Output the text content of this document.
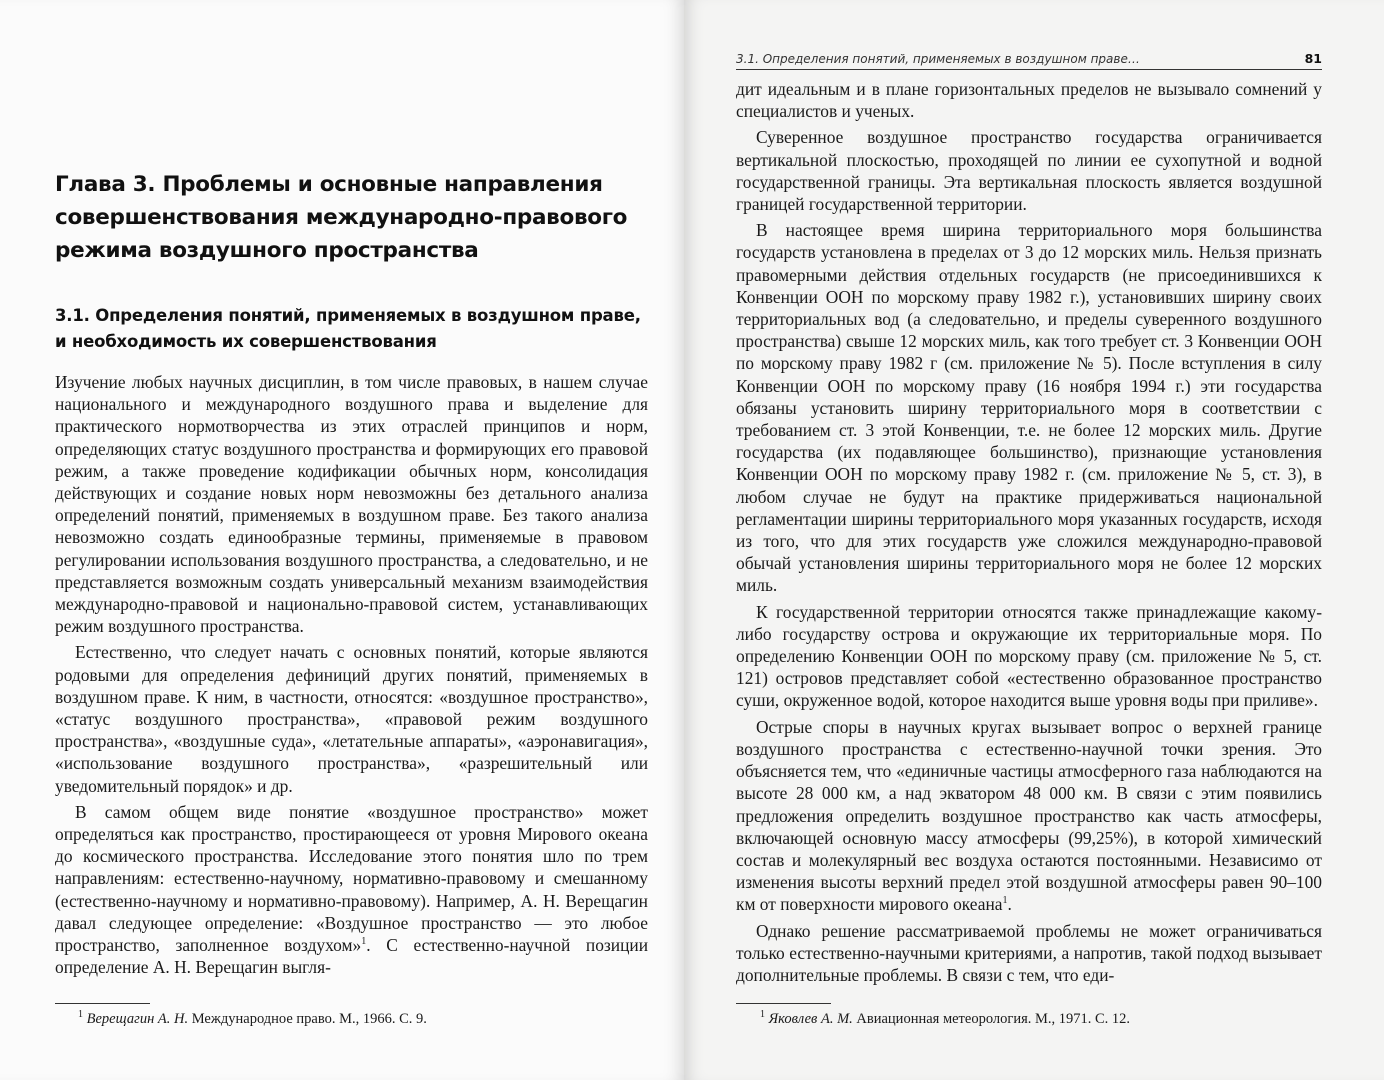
Глава 3. Проблемы и основные направления совершенствования международно-правового режима воздушного пространства
3.1. Определения понятий, применяемых в воздушном праве,
и необходимость их совершенствования

Изучение любых научных дисциплин, в том числе правовых, в нашем случае национального и международного воздушного права и выделение для практического нормотворчества из этих отраслей принципов и норм, определяющих статус воздушного пространства и формирующих его правовой режим, а также проведение кодификации обычных норм, консолидация действующих и создание новых норм невозможны без детального анализа определений понятий, применяемых в воздушном праве. Без такого анализа невозможно создать единообразные термины, применяемые в правовом регулировании использования воздушного пространства, а следовательно, и не представляется возможным создать универсальный механизм взаимодействия международно-правовой и национально-правовой систем, устанавливающих режим воздушного пространства.

Естественно, что следует начать с основных понятий, которые являются родовыми для определения дефиниций других понятий, применяемых в воздушном праве. К ним, в частности, относятся: «воздушное пространство», «статус воздушного пространства», «правовой режим воздушного пространства», «воздушные суда», «летательные аппараты», «аэронавигация», «использование воздушного пространства», «разрешительный или уведомительный порядок» и др.

В самом общем виде понятие «воздушное пространство» может определяться как пространство, простирающееся от уровня Мирового океана до космического пространства. Исследование этого понятия шло по трем направлениям: естественно-научному, нормативно-правовому и смешанному (естественно-научному и нормативно-правовому). Например, А. Н. Верещагин давал следующее определение: «Воздушное пространство — это любое пространство, заполненное воздухом»$^1$. С естественно-научной позиции определение А. Н. Верещагин выгля-

$^1$ Верещагин А. Н. Международное право. М., 1966. С. 9.
3.1. Определения понятий, применяемых в воздушном праве…	81

дит идеальным и в плане горизонтальных пределов не вызывало сомнений у специалистов и ученых.

Суверенное воздушное пространство государства ограничивается вертикальной плоскостью, проходящей по линии ее сухопутной и водной государственной границы. Эта вертикальная плоскость является воздушной границей государственной территории.

В настоящее время ширина территориального моря большинства государств установлена в пределах от 3 до 12 морских миль. Нельзя признать правомерными действия отдельных государств (не присоединившихся к Конвенции ООН по морскому праву 1982 г.), установивших ширину своих территориальных вод (а следовательно, и пределы суверенного воздушного пространства) свыше 12 морских миль, как того требует ст. 3 Конвенции ООН по морскому праву 1982 г (см. приложение № 5). После вступления в силу Конвенции ООН по морскому праву (16 ноября 1994 г.) эти государства обязаны установить ширину территориального моря в соответствии с требованием ст. 3 этой Конвенции, т.е. не более 12 морских миль. Другие государства (их подавляющее большинство), признающие установления Конвенции ООН по морскому праву 1982 г. (см. приложение № 5, ст. 3), в любом случае не будут на практике придерживаться национальной регламентации ширины территориального моря указанных государств, исходя из того, что для этих государств уже сложился международно-правовой обычай установления ширины территориального моря не более 12 морских миль.

К государственной территории относятся также принадлежащие какому-либо государству острова и окружающие их территориальные моря. По определению Конвенции ООН по морскому праву (см. приложение № 5, ст. 121) островов представляет собой «естественно образованное пространство суши, окруженное водой, которое находится выше уровня воды при приливе».

Острые споры в научных кругах вызывает вопрос о верхней границе воздушного пространства с естественно-научной точки зрения. Это объясняется тем, что «единичные частицы атмосферного газа наблюдаются на высоте 28 000 км, а над экватором 48 000 км. В связи с этим появились предложения определить воздушное пространство как часть атмосферы, включающей основную массу атмосферы (99,25%), в которой химический состав и молекулярный вес воздуха остаются постоянными. Независимо от изменения высоты верхний предел этой воздушной атмосферы равен 90–100 км от поверхности мирового океана$^1$.

Однако решение рассматриваемой проблемы не может ограничиваться только естественно-научными критериями, а напротив, такой подход вызывает дополнительные проблемы. В связи с тем, что еди-

$^1$ Яковлев А. М. Авиационная метеорология. М., 1971. С. 12.
